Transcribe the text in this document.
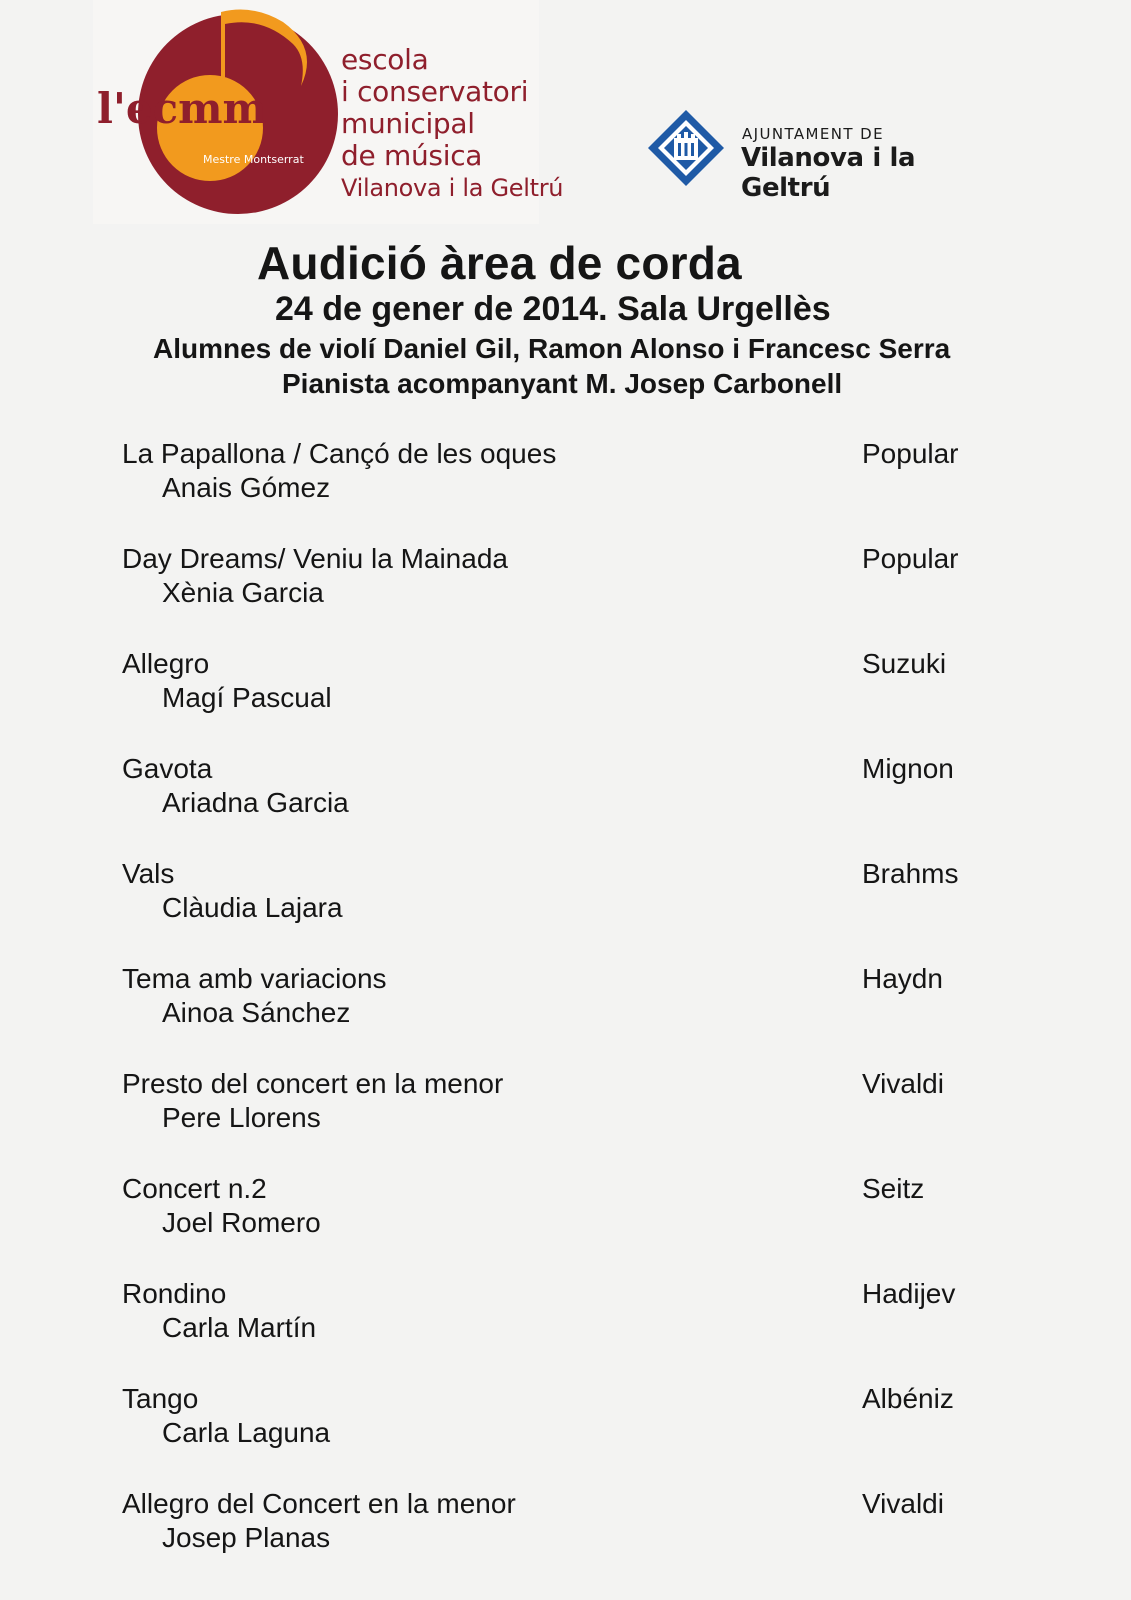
l'ecmm
Mestre Montserrat
escola
i conservatori
municipal
de música
Vilanova i la Geltrú
AJUNTAMENT DE
Vilanova i la Geltrú
Audició àrea de corda
24 de gener de 2014. Sala Urgellès
Alumnes de violí Daniel Gil, Ramon Alonso i Francesc Serra
Pianista acompanyant M. Josep Carbonell
La Papallona / Cançó de les oques
Anais Gómez
Popular
Day Dreams/ Veniu la Mainada
Xènia Garcia
Popular
Allegro
Magí Pascual
Suzuki
Gavota
Ariadna Garcia
Mignon
Vals
Clàudia Lajara
Brahms
Tema amb variacions
Ainoa Sánchez
Haydn
Presto del concert en la menor
Pere Llorens
Vivaldi
Concert n.2
Joel Romero
Seitz
Rondino
Carla Martín
Hadijev
Tango
Carla Laguna
Albéniz
Allegro del Concert en la menor
Josep Planas
Vivaldi
